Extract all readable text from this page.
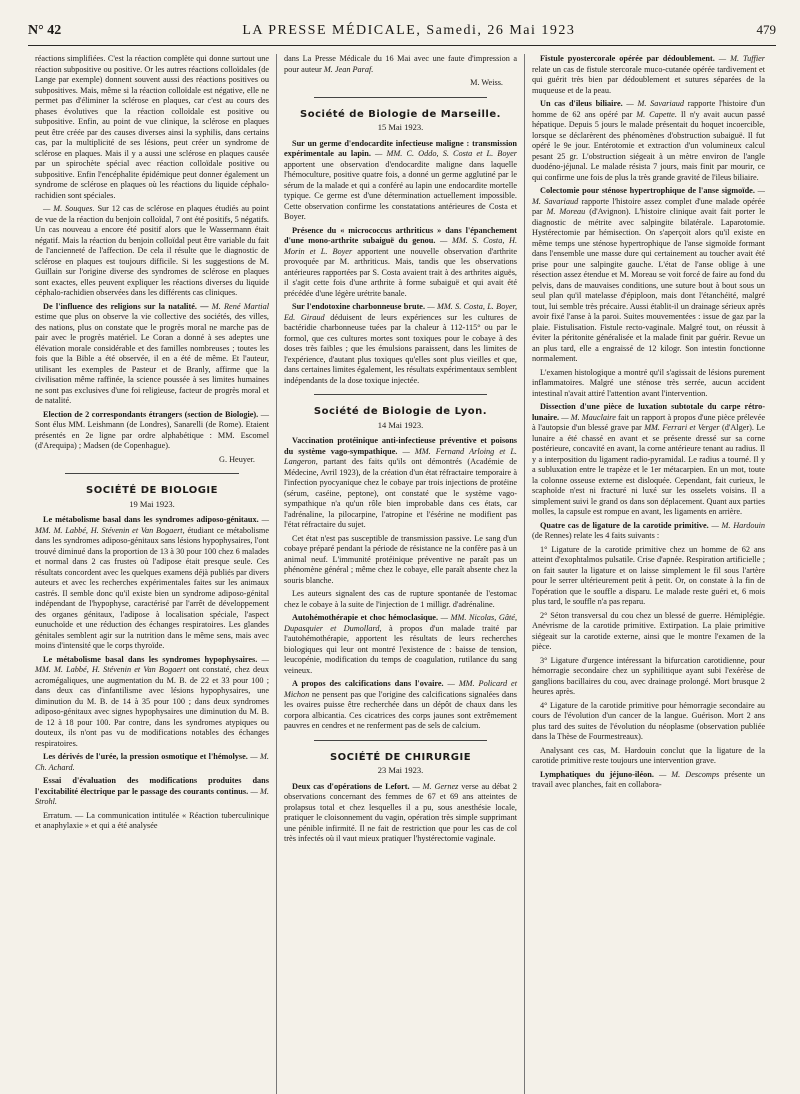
N° 42	LA PRESSE MÉDICALE, Samedi, 26 Mai 1923	479

réactions simplifiées. C'est la réaction complète qui donne surtout une réaction subpositive ou positive. Or les autres réactions colloïdales (de Lange par exemple) donnent souvent aussi des réactions positives ou subpositives. Mais, même si la réaction colloïdale est négative, elle ne permet pas d'éliminer la sclérose en plaques, car c'est au cours des phases évolutives que la réaction colloïdale est positive ou subpositive. Enfin, au point de vue clinique, la sclérose en plaques peut être créée par des causes diverses ainsi la syphilis, dans certains cas, par la multiplicité de ses lésions, peut créer un syndrome de sclérose en plaques. Mais il y a aussi une sclérose en plaques causée par un spirochète spécial avec réaction colloïdale positive ou subpositive. Enfin l'encéphalite épidémique peut donner également un syndrome de sclérose en plaques où les réactions du liquide céphalo-rachidien sont spéciales.

— M. Souques. Sur 12 cas de sclérose en plaques étudiés au point de vue de la réaction du benjoin colloïdal, 7 ont été positifs, 5 négatifs. Un cas nouveau a encore été positif alors que le Wassermann était négatif. Mais la réaction du benjoin colloïdal peut être variable du fait de l'ancienneté de l'affection. De cela il résulte que le diagnostic de sclérose en plaques est toujours difficile. Si les suggestions de M. Guillain sur l'origine diverse des syndromes de sclérose en plaques sont exactes, elles peuvent expliquer les réactions diverses du liquide céphalo-rachidien observées dans les différents cas cliniques.

De l'influence des religions sur la natalité. — M. René Martial estime que plus on observe la vie collective des sociétés, des villes, des nations, plus on constate que le progrès moral ne marche pas de pair avec le progrès matériel. Le Coran a donné à ses adeptes une élévation morale considérable et des familles nombreuses ; toutes les fois que la Bible a été observée, il en a été de même. Et l'auteur, utilisant les exemples de Pasteur et de Branly, affirme que la civilisation même raffinée, la science poussée à ses limites humaines ne sont pas exclusives d'une foi religieuse, facteur de progrès moral et de natalité.

Election de 2 correspondants étrangers (section de Biologie). — Sont élus MM. Leishmann (de Londres), Sanarelli (de Rome). Etaient présentés en 2e ligne par ordre alphabétique : MM. Escomel (d'Arequipa) ; Madsen (de Copenhague).

G. Heuyer.
SOCIÉTÉ DE BIOLOGIE
19 Mai 1923.

Le métabolisme basal dans les syndromes adiposo-génitaux. — MM. M. Labbé, H. Stévenin et Van Bogaert, étudiant ce métabolisme dans les syndromes adiposo-génitaux sans lésions hypophysaires, l'ont trouvé diminué dans la proportion de 13 à 30 pour 100 chez 6 malades et normal dans 2 cas frustes où l'adipose était presque seule. Ces résultats concordent avec les quelques examens déjà publiés par divers auteurs et avec les recherches expérimentales faites sur les animaux castrés. Il semble donc qu'il existe bien un syndrome adiposo-génital indépendant de l'hypophyse, caractérisé par l'arrêt de développement des organes génitaux, l'adipose à localisation spéciale, l'aspect eunuchoïde et une réduction des échanges respiratoires. Les glandes génitales semblent agir sur la nutrition dans le même sens, mais avec moins d'intensité que le corps thyroïde.

Le métabolisme basal dans les syndromes hypophysaires. — MM. M. Labbé, H. Stévenin et Van Bogaert ont constaté, chez deux acromégaliques, une augmentation du M. B. de 22 et 33 pour 100 ; dans deux cas d'infantilisme avec lésions hypophysaires, une diminution du M. B. de 14 à 35 pour 100 ; dans deux syndromes adiposo-génitaux avec signes hypophysaires une diminution du M. B. de 12 à 18 pour 100. Par contre, dans les syndromes atypiques ou douteux, ils n'ont pas vu de modifications notables des échanges respiratoires.

Les dérivés de l'urée, la pression osmotique et l'hémolyse. — M. Ch. Achard.

Essai d'évaluation des modifications produites dans l'excitabilité électrique par le passage des courants continus. — M. Strohl.

Erratum. — La communication intitulée « Réaction tuberculinique et anaphylaxie » et qui a été analysée

dans La Presse Médicale du 16 Mai avec une faute d'impression a pour auteur M. Jean Paraf.

M. Weiss.
Société de Biologie de Marseille.
15 Mai 1923.

Sur un germe d'endocardite infectieuse maligne : transmission expérimentale au lapin. — MM. C. Oddo, S. Costa et L. Boyer apportent une observation d'endocardite maligne dans laquelle l'hémoculture, positive quatre fois, a donné un germe agglutiné par le sérum de la malade et qui a conféré au lapin une endocardite mortelle typique. Ce germe est d'une détermination actuellement impossible. Cette observation confirme les constatations antérieures de Costa et Boyer.

Présence du « micrococcus arthriticus » dans l'épanchement d'une mono-arthrite subaiguë du genou. — MM. S. Costa, H. Morin et L. Boyer apportent une nouvelle observation d'arthrite provoquée par M. arthriticus. Mais, tandis que les observations antérieures rapportées par S. Costa avaient trait à des arthrites aiguës, il s'agit cette fois d'une arthrite à forme subaiguë et qui avait été précédée d'une légère urétrite banale.

Sur l'endotoxine charbonneuse brute. — MM. S. Costa, L. Boyer, Ed. Giraud déduisent de leurs expériences sur les cultures de bactéridie charbonneuse tuées par la chaleur à 112-115° ou par le formol, que ces cultures mortes sont toxiques pour le cobaye à des doses très faibles ; que les émulsions paraissent, dans les limites de l'expérience, d'autant plus toxiques qu'elles sont plus vieilles et que, dans certaines limites également, les résultats expérimentaux semblent indépendants de la dose toxique injectée.

Société de Biologie de Lyon.
14 Mai 1923.

Vaccination protéinique anti-infectieuse préventive et poisons du système vago-sympathique. — MM. Fernand Arloing et L. Langeron, partant des faits qu'ils ont démontrés (Académie de Médecine, Avril 1923), de la création d'un état réfractaire temporaire à l'infection pyocyanique chez le cobaye par trois injections de protéine (sérum, caséine, peptone), ont constaté que le système vago-sympathique n'a qu'un rôle bien improbable dans ces états, car l'adrénaline, la pilocarpine, l'atropine et l'ésérine ne modifient pas l'état réfractaire du sujet.

Cet état n'est pas susceptible de transmission passive. Le sang d'un cobaye préparé pendant la période de résistance ne la confère pas à un animal neuf. L'immunité protéinique préventive ne paraît pas un phénomène général ; même chez le cobaye, elle paraît absente chez la souris blanche.

Les auteurs signalent des cas de rupture spontanée de l'estomac chez le cobaye à la suite de l'injection de 1 milligr. d'adrénaline.

Autohémothérapie et choc hémoclasique. — MM. Nicolas, Gâté, Dupasquier et Dumollard, à propos d'un malade traité par l'autohémothérapie, apportent les résultats de leurs recherches biologiques qui leur ont montré l'existence de : baisse de tension, leucopénie, modification du temps de coagulation, rutilance du sang veineux.

A propos des calcifications dans l'ovaire. — MM. Policard et Michon ne pensent pas que l'origine des calcifications signalées dans les ovaires puisse être recherchée dans un dépôt de chaux dans les corpora albicantia. Ces cicatrices des corps jaunes sont extrêmement pauvres en cendres et ne renferment pas de sels de calcium.

SOCIÉTÉ DE CHIRURGIE
23 Mai 1923.

Deux cas d'opérations de Lefort. — M. Gernez verse au débat 2 observations concernant des femmes de 67 et 69 ans atteintes de prolapsus total et chez lesquelles il a pu, sous anesthésie locale, pratiquer le cloisonnement du vagin, opération très simple supprimant une pénible infirmité. Il ne fait de restriction que pour les cas de col très infectés où il vaut mieux pratiquer l'hystérectomie vaginale.

Fistule pyostercorale opérée par dédoublement. — M. Tuffier relate un cas de fistule stercorale muco-cutanée opérée tardivement et qui guérit très bien par dédoublement et sutures séparées de la muqueuse et de la peau.

Un cas d'ileus biliaire. — M. Savariaud rapporte l'histoire d'un homme de 62 ans opéré par M. Capette. Il n'y avait aucun passé hépatique. Depuis 5 jours le malade présentait du hoquet incoercible, lorsque se déclarèrent des phénomènes d'obstruction subaiguë. Il fut opéré le 9e jour. Entérotomie et extraction d'un volumineux calcul pesant 25 gr. L'obstruction siégeait à un mètre environ de l'angle duodéno-jéjunal. Le malade résista 7 jours, mais finit par mourir, ce qui confirme une fois de plus la très grande gravité de l'ileus biliaire.

Colectomie pour sténose hypertrophique de l'anse sigmoïde. — M. Savariaud rapporte l'histoire assez complet d'une malade opérée par M. Moreau (d'Avignon). L'histoire clinique avait fait porter le diagnostic de métrite avec salpingite bilatérale. Laparotomie. Hystérectomie par hémisection. On s'aperçoit alors qu'il existe en même temps une sténose hypertrophique de l'anse sigmoïde formant dans l'ensemble une masse dure qui certainement au toucher avait été prise pour une salpingite gauche. L'état de l'anse oblige à une résection assez étendue et M. Moreau se voit forcé de faire au fond du pelvis, dans de mauvaises conditions, une suture bout à bout sous un seul plan qu'il matelasse d'épiploon, mais dont l'étanchéité, malgré tout, lui semble très précaire. Aussi établit-il un drainage sérieux après avoir fixé l'anse à la paroi. Suites mouvementées : issue de gaz par la plaie. Fistulisation. Fistule recto-vaginale. Malgré tout, on réussit à éviter la péritonite généralisée et la malade finit par guérir. Revue un an plus tard, elle a engraissé de 12 kilogr. Son intestin fonctionne normalement.

L'examen histologique a montré qu'il s'agissait de lésions purement inflammatoires. Malgré une sténose très serrée, aucun accident intestinal n'avait attiré l'attention avant l'intervention.

Dissection d'une pièce de luxation subtotale du carpe rétro-lunaire. — M. Mauclaire fait un rapport à propos d'une pièce prélevée à l'autopsie d'un blessé grave par MM. Ferrari et Verger (d'Alger). Le lunaire a été chassé en avant et se présente dressé sur sa corne postérieure, concavité en avant, la corne antérieure tenant au radius. Il y a interposition du ligament radio-pyramidal. Le radius a tourné. Il y a subluxation entre le trapèze et le 1er métacarpien. En un mot, toute la colonne osseuse externe est disloquée. Cependant, fait curieux, le scaphoïde n'est ni fracturé ni luxé sur les osselets voisins. Il a simplement suivi le grand os dans son déplacement. Quant aux parties molles, la capsule est rompue en avant, les ligaments en arrière.

Quatre cas de ligature de la carotide primitive. — M. Hardouin (de Rennes) relate les 4 faits suivants :

1° Ligature de la carotide primitive chez un homme de 62 ans atteint d'exophtalmos pulsatile. Crise d'apnée. Respiration artificielle ; on fait sauter la ligature et on laisse simplement le fil sous l'artère pour le serrer ultérieurement petit à petit. Or, on constate à la fin de l'opération que le souffle a disparu. Le malade reste guéri et, 6 mois plus tard, le souffle n'a pas reparu.

2° Séton transversal du cou chez un blessé de guerre. Hémiplégie. Anévrisme de la carotide primitive. Extirpation. La plaie primitive siégeait sur la carotide externe, ainsi que le montre l'examen de la pièce.

3° Ligature d'urgence intéressant la bifurcation carotidienne, pour hémorragie secondaire chez un syphilitique ayant subi l'exérèse de ganglions bacillaires du cou, avec drainage prolongé. Mort brusque 2 heures après.

4° Ligature de la carotide primitive pour hémorragie secondaire au cours de l'évolution d'un cancer de la langue. Guérison. Mort 2 ans plus tard des suites de l'évolution du néoplasme (observation publiée dans la Thèse de Fourmestreaux).

Analysant ces cas, M. Hardouin conclut que la ligature de la carotide primitive reste toujours une intervention grave.

Lymphatiques du jéjuno-iléon. — M. Descomps présente un travail avec planches, fait en collabora-
